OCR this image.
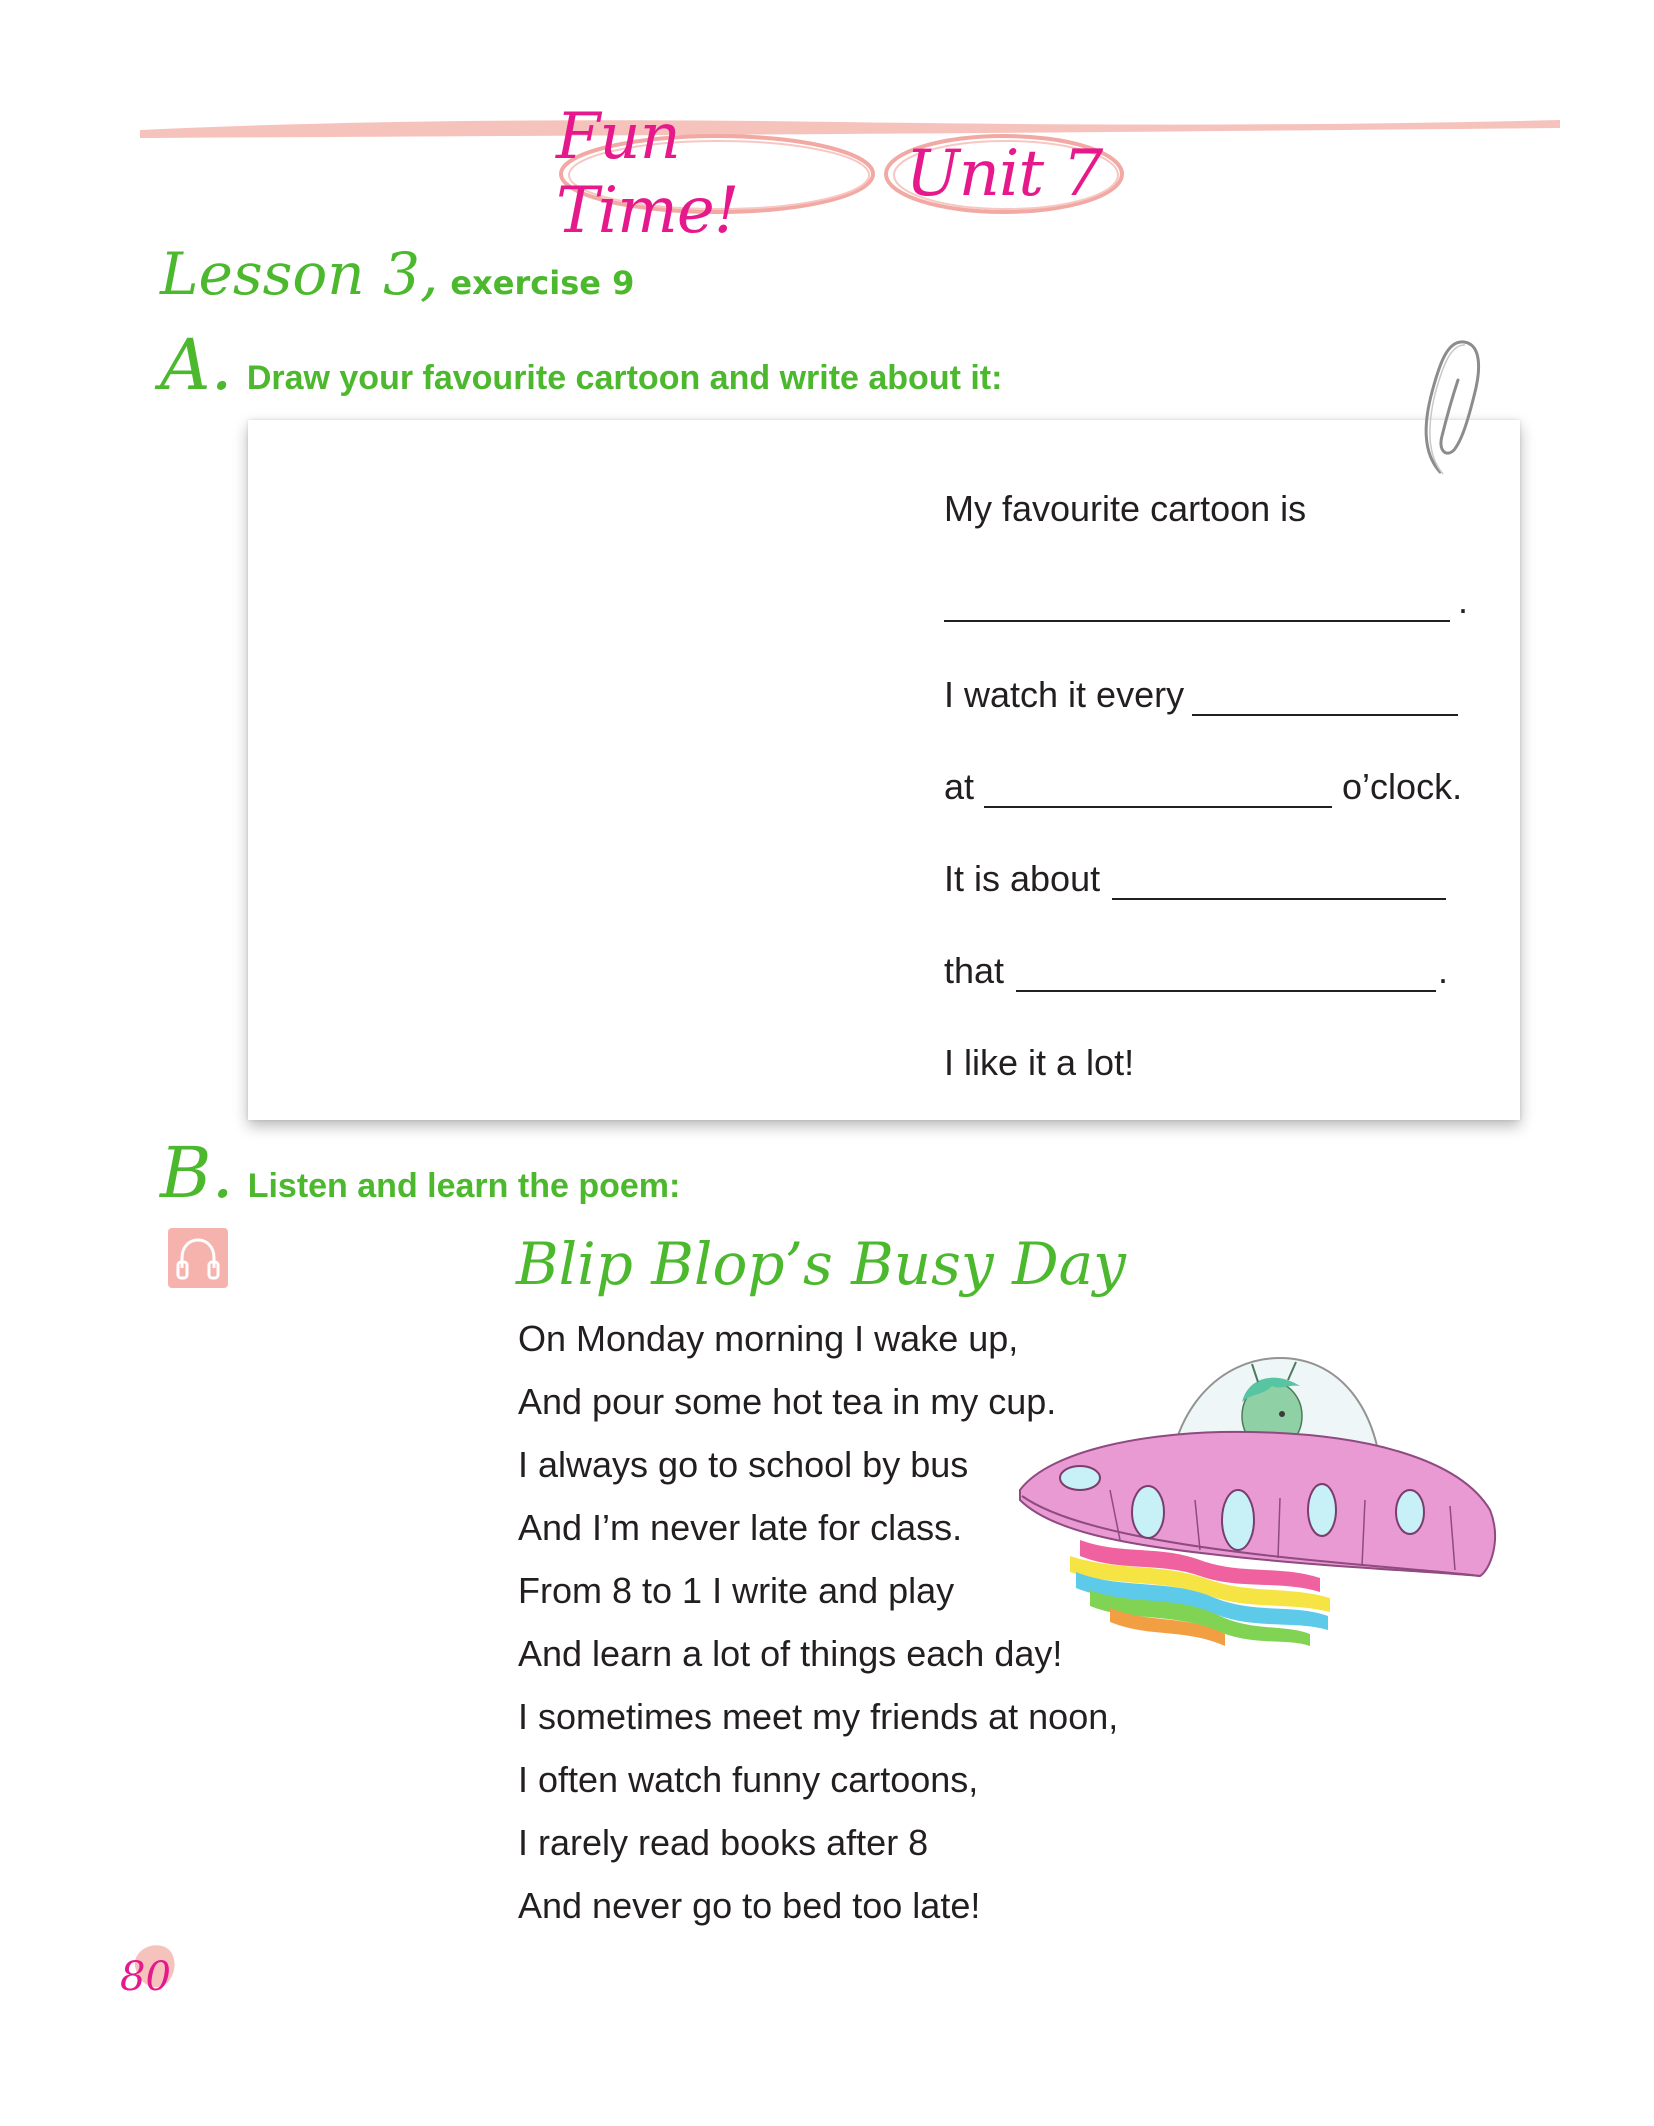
Fun Time!	Unit 7
Lesson 3, exercise 9
A. Draw your favourite cartoon and write about it:
My favourite cartoon is
.
I watch it every
at	o’clock.
It is about
that	.
I like it a lot!
B. Listen and learn the poem:
Blip Blop’s Busy Day
On Monday morning I wake up,
And pour some hot tea in my cup.
I always go to school by bus
And I’m never late for class.
From 8 to 1 I write and play
And learn a lot of things each day!
I sometimes meet my friends at noon,
I often watch funny cartoons,
I rarely read books after 8
And never go to bed too late!
80
